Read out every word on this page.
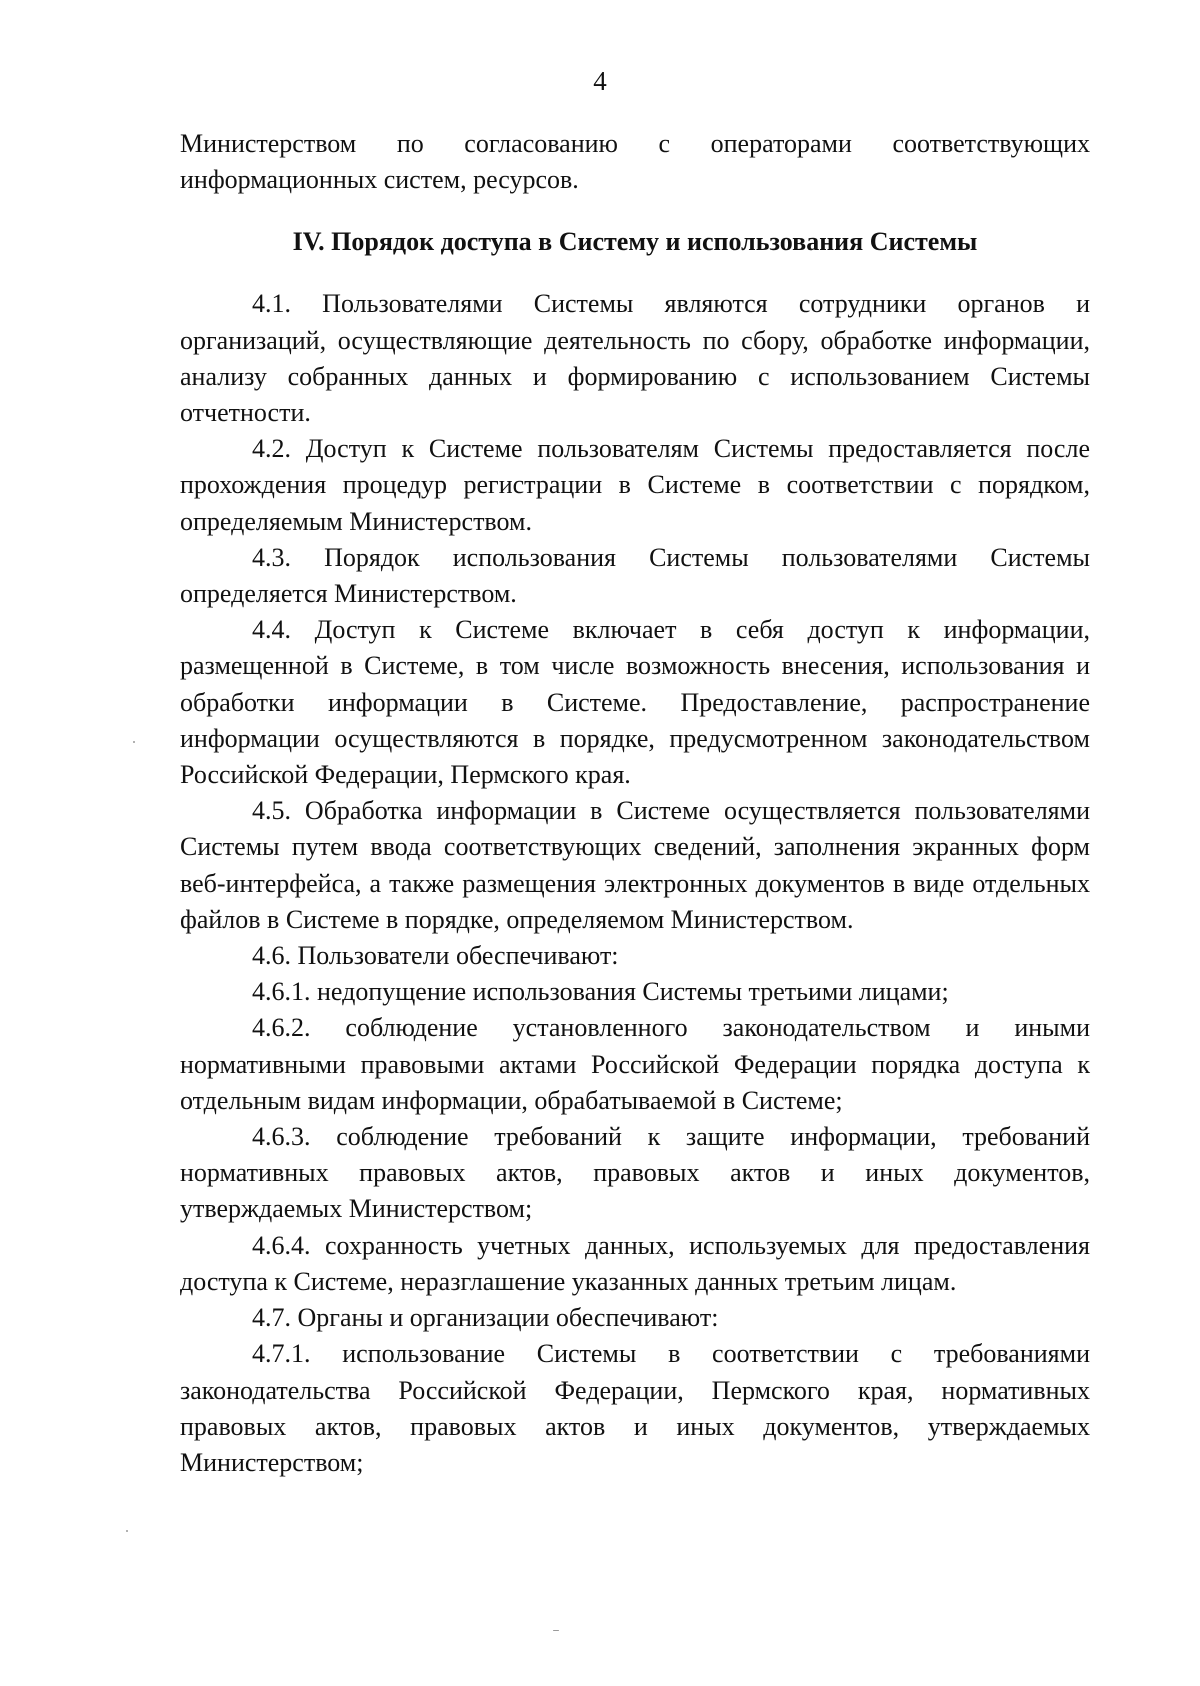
4

Министерством по согласованию с операторами соответствующих информационных систем, ресурсов.

IV. Порядок доступа в Систему и использования Системы

4.1. Пользователями Системы являются сотрудники органов и организаций, осуществляющие деятельность по сбору, обработке информации, анализу собранных данных и формированию с использованием Системы отчетности.

4.2. Доступ к Системе пользователям Системы предоставляется после прохождения процедур регистрации в Системе в соответствии с порядком, определяемым Министерством.

4.3. Порядок использования Системы пользователями Системы определяется Министерством.

4.4. Доступ к Системе включает в себя доступ к информации, размещенной в Системе, в том числе возможность внесения, использования и обработки информации в Системе. Предоставление, распространение информации осуществляются в порядке, предусмотренном законодательством Российской Федерации, Пермского края.

4.5. Обработка информации в Системе осуществляется пользователями Системы путем ввода соответствующих сведений, заполнения экранных форм веб-интерфейса, а также размещения электронных документов в виде отдельных файлов в Системе в порядке, определяемом Министерством.

4.6. Пользователи обеспечивают:

4.6.1. недопущение использования Системы третьими лицами;

4.6.2. соблюдение установленного законодательством и иными нормативными правовыми актами Российской Федерации порядка доступа к отдельным видам информации, обрабатываемой в Системе;

4.6.3. соблюдение требований к защите информации, требований нормативных правовых актов, правовых актов и иных документов, утверждаемых Министерством;

4.6.4. сохранность учетных данных, используемых для предоставления доступа к Системе, неразглашение указанных данных третьим лицам.

4.7. Органы и организации обеспечивают:

4.7.1. использование Системы в соответствии с требованиями законодательства Российской Федерации, Пермского края, нормативных правовых актов, правовых актов и иных документов, утверждаемых Министерством;
